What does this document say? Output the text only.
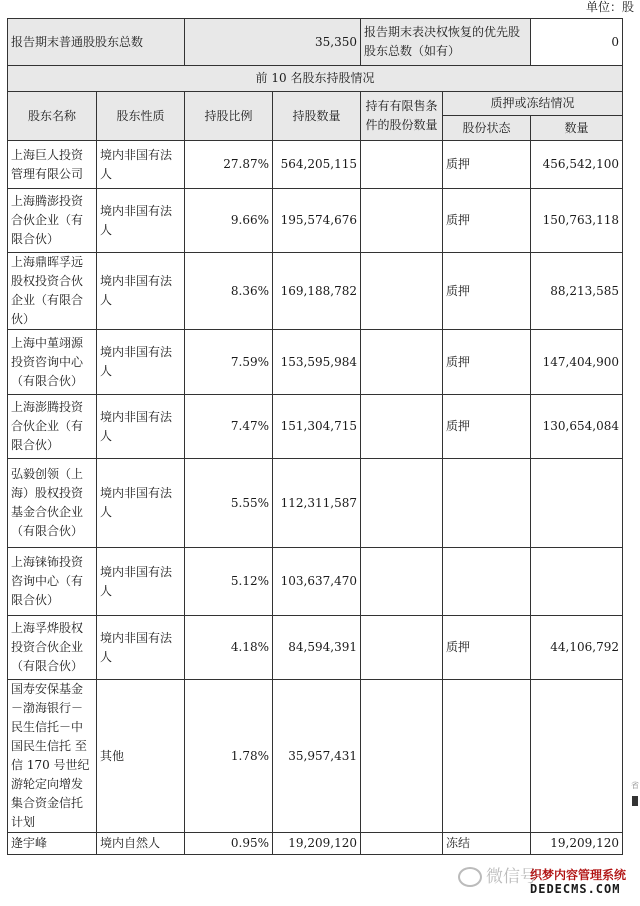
单位：股
报告期末普通股股东总数		35,350		报告期末表决权恢复的优先股股东总数（如有）		0
前 10 名股东持股情况						
股东名称	股东性质	持股比例	持股数量	持有有限售条件的股份数量	质押或冻结情况	
					股份状态	数量
上海巨人投资管理有限公司	境内非国有法人	27.87%	564,205,115		质押	456,542,100
上海腾澎投资合伙企业（有限合伙）	境内非国有法人	9.66%	195,574,676		质押	150,763,118
上海鼎晖孚远股权投资合伙企业（有限合伙）	境内非国有法人	8.36%	169,188,782		质押	88,213,585
上海中堇翊源投资咨询中心（有限合伙）	境内非国有法人	7.59%	153,595,984		质押	147,404,900
上海澎腾投资合伙企业（有限合伙）	境内非国有法人	7.47%	151,304,715		质押	130,654,084
弘毅创领（上海）股权投资基金合伙企业（有限合伙）	境内非国有法人	5.55%	112,311,587			
上海铼钸投资咨询中心（有限合伙）	境内非国有法人	5.12%	103,637,470			
上海孚烨股权投资合伙企业（有限合伙）	境内非国有法人	4.18%	84,594,391		质押	44,106,792
国寿安保基金－渤海银行－民生信托－中国民生信托 至信 170 号世纪游轮定向增发集合资金信托计划	其他	1.78%	35,957,431			
逄宇峰	境内自然人	0.95%	19,209,120		冻结	19,209,120
省
微信号
织梦内容管理系统
DEDECMS.COM
